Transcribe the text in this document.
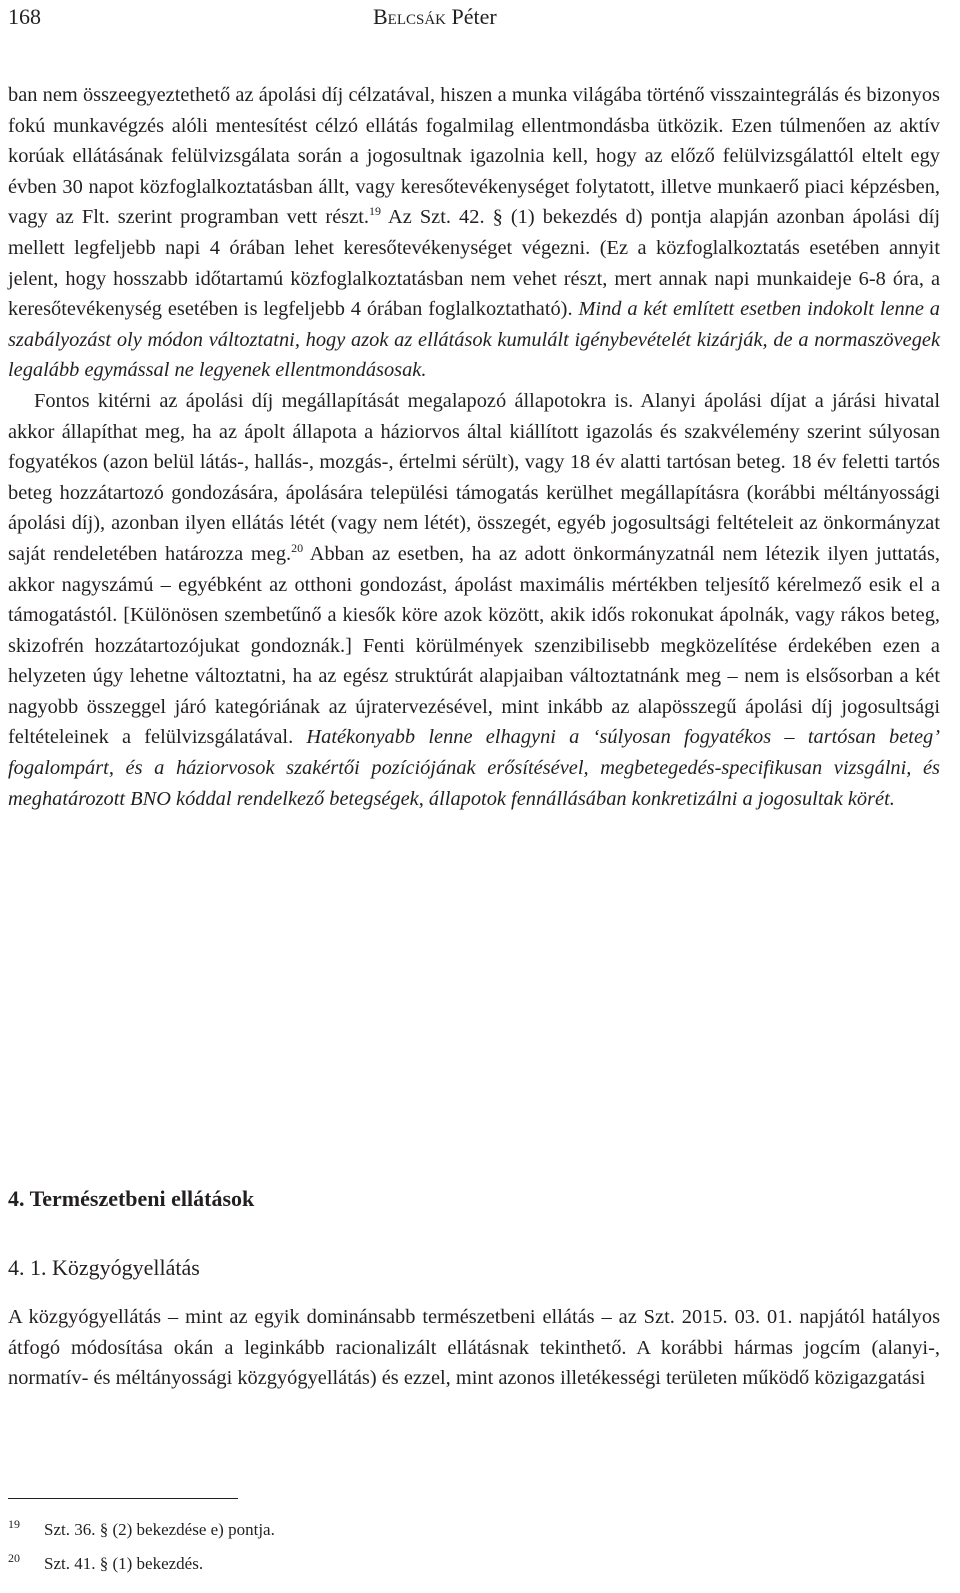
168	Belcsák Péter

ban nem összeegyeztethető az ápolási díj célzatával, hiszen a munka világába történő visszaintegrálás és bizonyos fokú munkavégzés alóli mentesítést célzó ellátás fogalmilag ellentmondásba ütközik. Ezen túlmenően az aktív korúak ellátásának felülvizsgálata során a jogosultnak igazolnia kell, hogy az előző felülvizsgálattól eltelt egy évben 30 napot közfoglalkoztatásban állt, vagy keresőtevékenységet folytatott, illetve munkaerő piaci képzésben, vagy az Flt. szerint programban vett részt.$^{19}$ Az Szt. 42. § (1) bekezdés d) pontja alapján azonban ápolási díj mellett legfeljebb napi 4 órában lehet keresőtevékenységet végezni. (Ez a közfoglalkoztatás esetében annyit jelent, hogy hosszabb időtartamú közfoglalkoztatásban nem vehet részt, mert annak napi munkaideje 6-8 óra, a keresőtevékenység esetében is legfeljebb 4 órában foglalkoztatható). Mind a két említett esetben indokolt lenne a szabályozást oly módon változtatni, hogy azok az ellátások kumulált igénybevételét kizárják, de a normaszövegek legalább egymással ne legyenek ellentmondásosak.

Fontos kitérni az ápolási díj megállapítását megalapozó állapotokra is. Alanyi ápolási díjat a járási hivatal akkor állapíthat meg, ha az ápolt állapota a háziorvos által kiállított igazolás és szakvélemény szerint súlyosan fogyatékos (azon belül látás-, hallás-, mozgás-, értelmi sérült), vagy 18 év alatti tartósan beteg. 18 év feletti tartós beteg hozzátartozó gondozására, ápolására települési támogatás kerülhet megállapításra (korábbi méltányossági ápolási díj), azonban ilyen ellátás létét (vagy nem létét), összegét, egyéb jogosultsági feltételeit az önkormányzat saját rendeletében határozza meg.$^{20}$ Abban az esetben, ha az adott önkormányzatnál nem létezik ilyen juttatás, akkor nagyszámú – egyébként az otthoni gondozást, ápolást maximális mértékben teljesítő kérelmező esik el a támogatástól. [Különösen szembetűnő a kiesők köre azok között, akik idős rokonukat ápolnák, vagy rákos beteg, skizofrén hozzátartozójukat gondoznák.] Fenti körülmények szenzibilisebb megközelítése érdekében ezen a helyzeten úgy lehetne változtatni, ha az egész struktúrát alapjaiban változtatnánk meg – nem is elsősorban a két nagyobb összeggel járó kategóriának az újratervezésével, mint inkább az alapösszegű ápolási díj jogosultsági feltételeinek a felülvizsgálatával. Hatékonyabb lenne elhagyni a ‘súlyosan fogyatékos – tartósan beteg’ fogalompárt, és a háziorvosok szakértői pozíciójának erősítésével, megbetegedés-specifikusan vizsgálni, és meghatározott BNO kóddal rendelkező betegségek, állapotok fennállásában konkretizálni a jogosultak körét.

4. Természetbeni ellátások
4. 1. Közgyógyellátás

A közgyógyellátás – mint az egyik dominánsabb természetbeni ellátás – az Szt. 2015. 03. 01. napjától hatályos átfogó módosítása okán a leginkább racionalizált ellátásnak tekinthető. A korábbi hármas jogcím (alanyi-, normatív- és méltányossági közgyógyellátás) és ezzel, mint azonos illetékességi területen működő közigazgatási

19 Szt. 36. § (2) bekezdése e) pontja.
20 Szt. 41. § (1) bekezdés.
